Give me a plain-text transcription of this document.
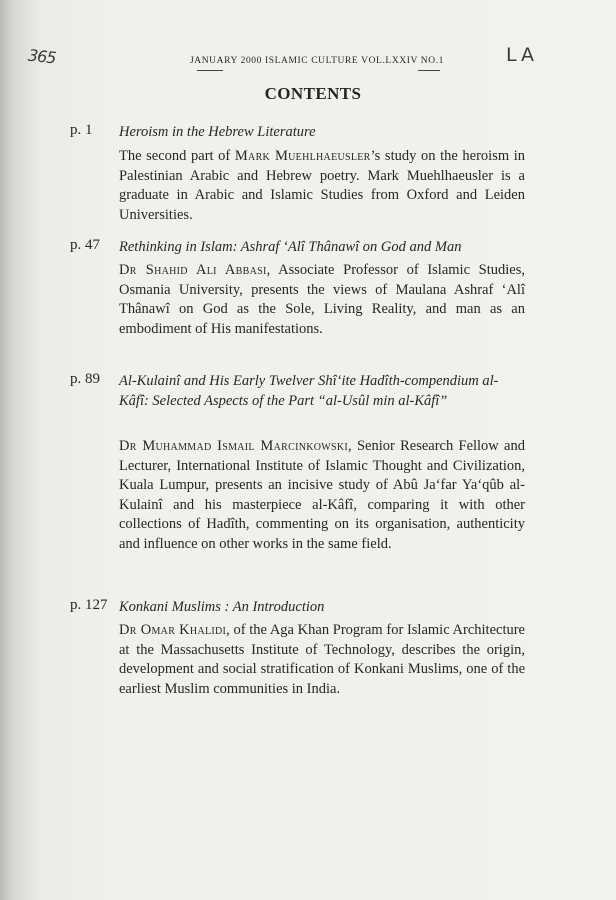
365	LA
JANUARY 2000 ISLAMIC CULTURE VOL.LXXIV NO.1
CONTENTS
p. 1 Heroism in the Hebrew Literature
The second part of Mark Muehlhaeusler’s study on the heroism in Palestinian Arabic and Hebrew poetry. Mark Muehlhaeusler is a graduate in Arabic and Islamic Studies from Oxford and Leiden Universities.
p. 47 Rethinking in Islam: Ashraf ‘Alî Thânawî on God and Man
Dr Shahid Ali Abbasi, Associate Professor of Islamic Studies, Osmania University, presents the views of Maulana Ashraf ‘Alî Thânawî on God as the Sole, Living Reality, and man as an embodiment of His manifestations.
p. 89 Al-Kulainî and His Early Twelver Shî‘ite Hadîth-compendium al-Kâfî: Selected Aspects of the Part “al-Usûl min al-Kâfî”
Dr Muhammad Ismail Marcinkowski, Senior Research Fellow and Lecturer, International Institute of Islamic Thought and Civilization, Kuala Lumpur, presents an incisive study of Abû Ja‘far Ya‘qûb al-Kulainî and his masterpiece al-Kâfî, comparing it with other collections of Hadîth, commenting on its organisation, authenticity and influence on other works in the same field.
p. 127 Konkani Muslims : An Introduction
Dr Omar Khalidi, of the Aga Khan Program for Islamic Architecture at the Massachusetts Institute of Technology, describes the origin, development and social stratification of Konkani Muslims, one of the earliest Muslim communities in India.
